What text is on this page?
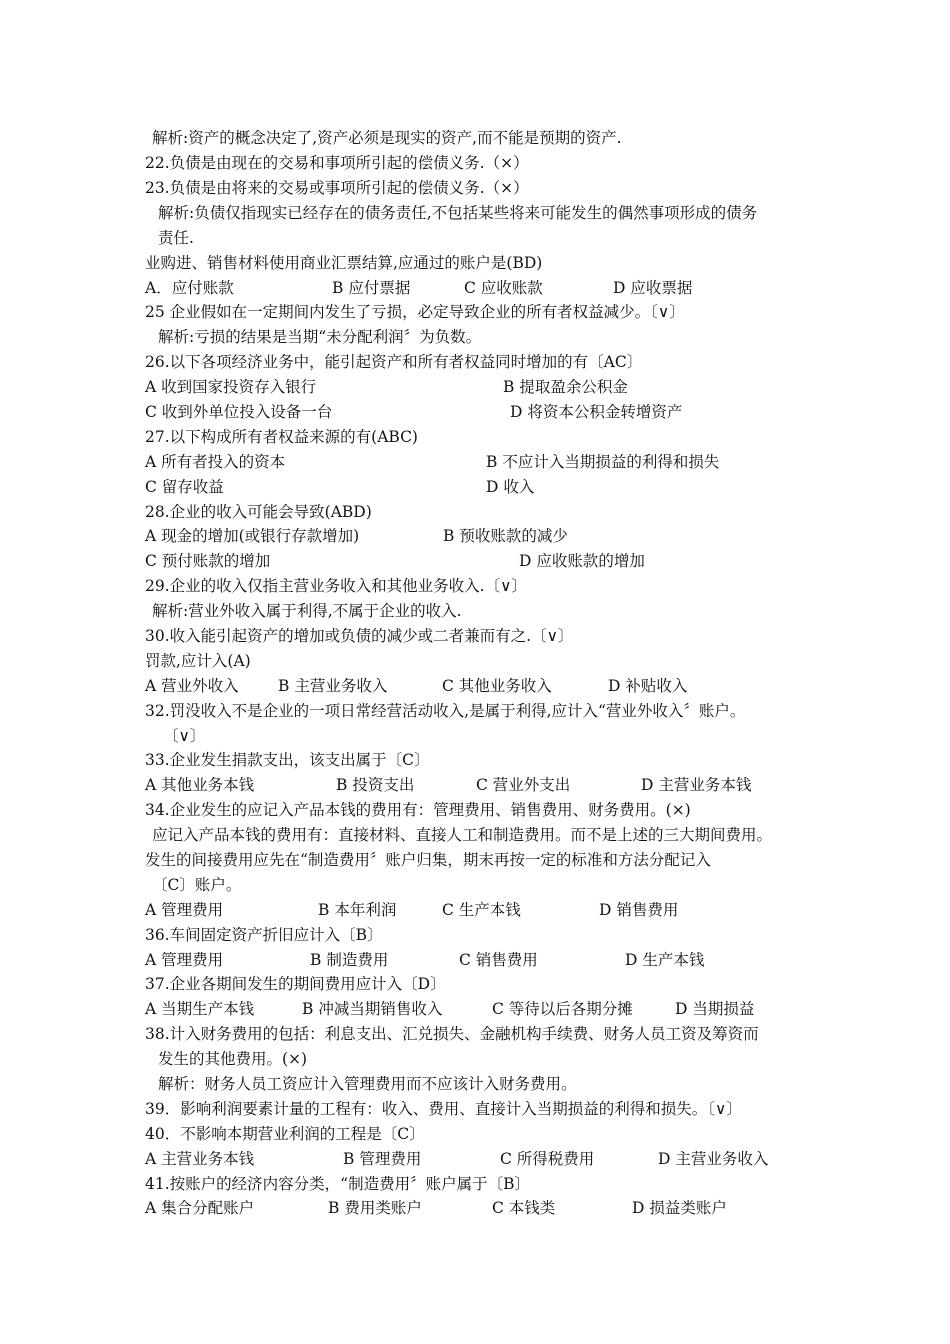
解析:资产的概念决定了,资产必须是现实的资产,而不能是预期的资产.
22.负债是由现在的交易和事项所引起的偿债义务.（×）
23.负债是由将来的交易或事项所引起的偿债义务.（×）
解析:负债仅指现实已经存在的债务责任,不包括某些将来可能发生的偶然事项形成的债务
责任.
业购进、销售材料使用商业汇票结算,应通过的账户是(BD)
A．应付账款	B 应付票据	C 应收账款	D 应收票据
25 企业假如在一定期间内发生了亏损，必定导致企业的所有者权益减少。〔∨〕
解析:亏损的结果是当期“未分配利润〞为负数。
26.以下各项经济业务中，能引起资产和所有者权益同时增加的有〔AC〕
A 收到国家投资存入银行	B 提取盈余公积金
C 收到外单位投入设备一台	D 将资本公积金转增资产
27.以下构成所有者权益来源的有(ABC)
A 所有者投入的资本	B 不应计入当期损益的利得和损失
C 留存收益	D 收入
28.企业的收入可能会导致(ABD)
A 现金的增加(或银行存款增加)	B 预收账款的减少
C 预付账款的增加	D 应收账款的增加
29.企业的收入仅指主营业务收入和其他业务收入.〔∨〕
解析:营业外收入属于利得,不属于企业的收入.
30.收入能引起资产的增加或负债的减少或二者兼而有之.〔∨〕
罚款,应计入(A)
A 营业外收入	B 主营业务收入	C 其他业务收入	D 补贴收入
32.罚没收入不是企业的一项日常经营活动收入,是属于利得,应计入“营业外收入〞账户。
〔∨〕
33.企业发生捐款支出，该支出属于〔C〕
A 其他业务本钱	B 投资支出	C 营业外支出	D 主营业务本钱
34.企业发生的应记入产品本钱的费用有：管理费用、销售费用、财务费用。(×)
应记入产品本钱的费用有：直接材料、直接人工和制造费用。而不是上述的三大期间费用。
发生的间接费用应先在“制造费用〞账户归集，期末再按一定的标准和方法分配记入
〔C〕账户。
A 管理费用	B 本年利润	C 生产本钱	D 销售费用
36.车间固定资产折旧应计入〔B〕
A 管理费用	B 制造费用	C 销售费用	D 生产本钱
37.企业各期间发生的期间费用应计入〔D〕
A 当期生产本钱	B 冲减当期销售收入	C 等待以后各期分摊	D 当期损益
38.计入财务费用的包括：利息支出、汇兑损失、金融机构手续费、财务人员工资及筹资而
发生的其他费用。(×)
解析：财务人员工资应计入管理费用而不应该计入财务费用。
39．影响利润要素计量的工程有：收入、费用、直接计入当期损益的利得和损失。〔∨〕
40．不影响本期营业利润的工程是〔C〕
A 主营业务本钱	B 管理费用	C 所得税费用	D 主营业务收入
41.按账户的经济内容分类，“制造费用〞账户属于〔B〕
A 集合分配账户	B 费用类账户	C 本钱类	D 损益类账户
